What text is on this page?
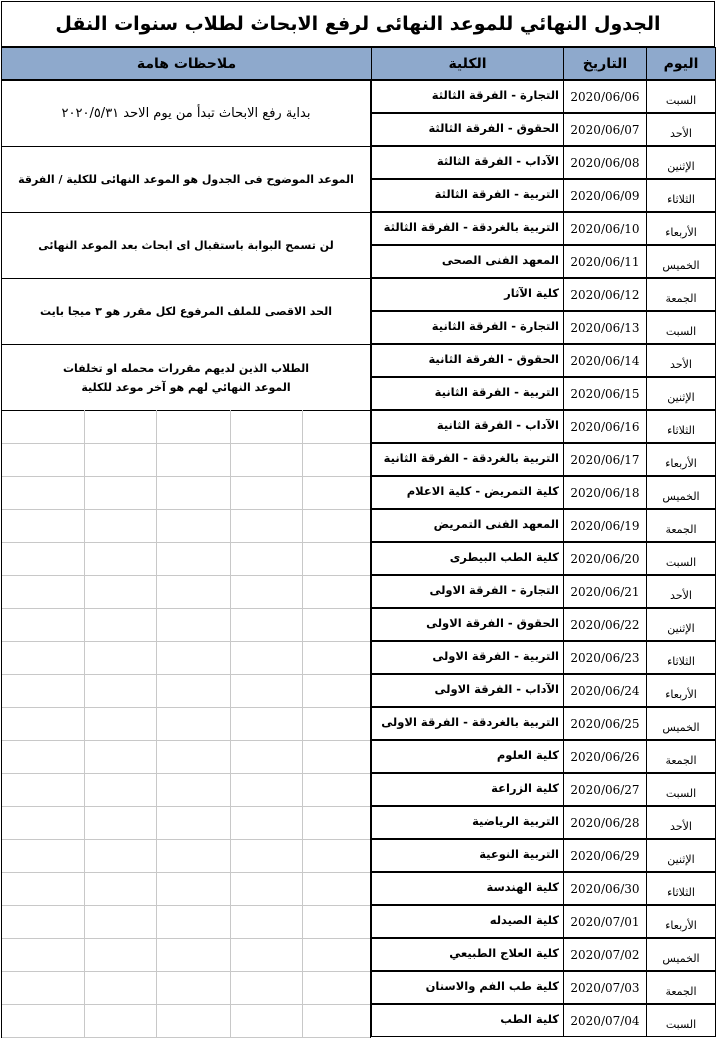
الجدول النهائي للموعد النهائى لرفع الابحاث لطلاب سنوات النقل
اليوم
التاريخ
الكلية
ملاحظات هامة
السبت
2020/06/06
التجارة - الفرقة الثالثة
الأحد
2020/06/07
الحقوق - الفرقة الثالثة
الإثنين
2020/06/08
الآداب - الفرقة الثالثة
الثلاثاء
2020/06/09
التربية - الفرقة الثالثة
الأربعاء
2020/06/10
التربية بالغردقة - الفرقة الثالثة
الخميس
2020/06/11
المعهد الفنى الصحى
الجمعة
2020/06/12
كلية الآثار
السبت
2020/06/13
التجارة - الفرقة الثانية
الأحد
2020/06/14
الحقوق - الفرقة الثانية
الإثنين
2020/06/15
التربية - الفرقة الثانية
الثلاثاء
2020/06/16
الآداب - الفرقة الثانية
الأربعاء
2020/06/17
التربية بالغردقة - الفرقة الثانية
الخميس
2020/06/18
كلية التمريض - كلية الاعلام
الجمعة
2020/06/19
المعهد الفنى التمريض
السبت
2020/06/20
كلية الطب البيطرى
الأحد
2020/06/21
التجارة - الفرقة الاولى
الإثنين
2020/06/22
الحقوق - الفرقة الاولى
الثلاثاء
2020/06/23
التربية - الفرقة الاولى
الأربعاء
2020/06/24
الآداب - الفرقة الاولى
الخميس
2020/06/25
التربية بالغردقة - الفرقة الاولى
الجمعة
2020/06/26
كلية العلوم
السبت
2020/06/27
كلية الزراعة
الأحد
2020/06/28
التربية الرياضية
الإثنين
2020/06/29
التربية النوعية
الثلاثاء
2020/06/30
كلية الهندسة
الأربعاء
2020/07/01
كلية الصيدله
الخميس
2020/07/02
كلية العلاج الطبيعي
الجمعة
2020/07/03
كلية طب الفم والاسنان
السبت
2020/07/04
كلية الطب
بداية رفع الابحاث تبدأ من يوم الاحد ٢٠٢٠/٥/٣١
الموعد الموضوح فى الجدول هو الموعد النهائى للكلية / الفرقة
لن تسمح البوابة باستقبال اى ابحاث بعد الموعد النهائى
الحد الاقصى للملف المرفوع لكل مقرر هو ٣ ميجا بايت
الطلاب الذين لديهم مقررات محمله او تخلفات
الموعد النهائي لهم هو آخر موعد للكلية
